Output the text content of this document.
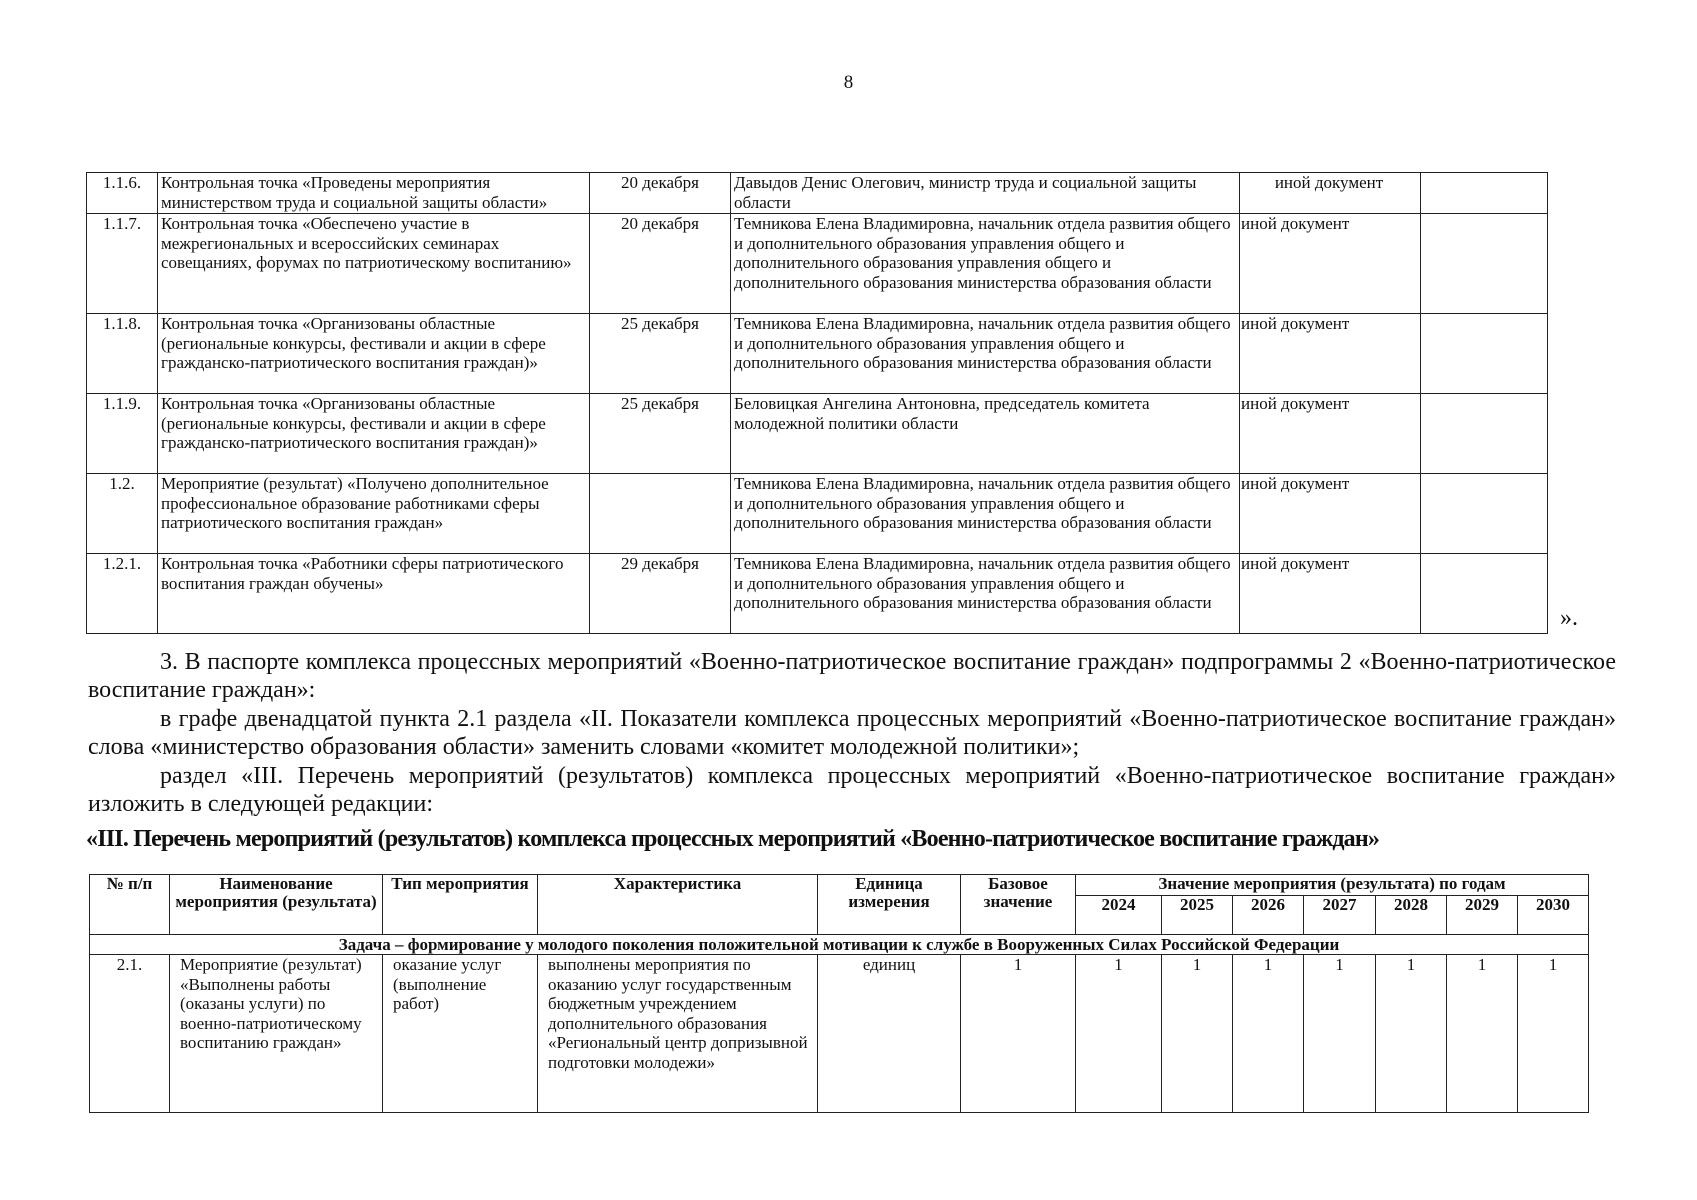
8
1.1.6.	Контрольная точка «Проведены мероприятия министерством труда и социальной защиты области»	20 декабря	Давыдов Денис Олегович, министр труда и социальной защиты области	иной документ	
1.1.7.	Контрольная точка «Обеспечено участие в межрегиональных и всероссийских семинарах совещаниях, форумах по патриотическому воспитанию»	20 декабря	Темникова Елена Владимировна, начальник отдела развития общего и дополнительного образования управления общего и дополнительного образования управления общего и дополнительного образования министерства образования области	иной документ	
1.1.8.	Контрольная точка «Организованы областные (региональные конкурсы, фестивали и акции в сфере гражданско-патриотического воспитания граждан)»	25 декабря	Темникова Елена Владимировна, начальник отдела развития общего и дополнительного образования управления общего и дополнительного образования министерства образования области	иной документ	
1.1.9.	Контрольная точка «Организованы областные (региональные конкурсы, фестивали и акции в сфере гражданско-патриотического воспитания граждан)»	25 декабря	Беловицкая Ангелина Антоновна, председатель комитета молодежной политики области	иной документ	
1.2.	Мероприятие (результат) «Получено дополнительное профессиональное образование работниками сферы патриотического воспитания граждан»		Темникова Елена Владимировна, начальник отдела развития общего и дополнительного образования управления общего и дополнительного образования министерства образования области	иной документ	
1.2.1.	Контрольная точка «Работники сферы патриотического воспитания граждан обучены»	29 декабря	Темникова Елена Владимировна, начальник отдела развития общего и дополнительного образования управления общего и дополнительного образования министерства образования области	иной документ	
».
3. В паспорте комплекса процессных мероприятий «Военно-патриотическое воспитание граждан» подпрограммы 2 «Военно-патриотическое воспитание граждан»:
в графе двенадцатой пункта 2.1 раздела «II. Показатели комплекса процессных мероприятий «Военно-патриотическое воспитание граждан» слова «министерство образования области» заменить словами «комитет молодежной политики»;
раздел «III. Перечень мероприятий (результатов) комплекса процессных мероприятий «Военно-патриотическое воспитание граждан» изложить в следующей редакции:
«III. Перечень мероприятий (результатов) комплекса процессных мероприятий «Военно-патриотическое воспитание граждан»
№ п/п	Наименование мероприятия (результата)	Тип мероприятия	Характеристика	Единица измерения	Базовое значение	Значение мероприятия (результата) по годам						
						2024	2025	2026	2027	2028	2029	2030
Задача – формирование у молодого поколения положительной мотивации к службе в Вооруженных Силах Российской Федерации												
2.1.	Мероприятие (результат) «Выполнены работы (оказаны услуги) по военно-патриотическому воспитанию граждан»	оказание услуг (выполнение работ)	выполнены мероприятия по оказанию услуг государственным бюджетным учреждением дополнительного образования «Региональный центр допризывной подготовки молодежи»	единиц	1	1	1	1	1	1	1	1
